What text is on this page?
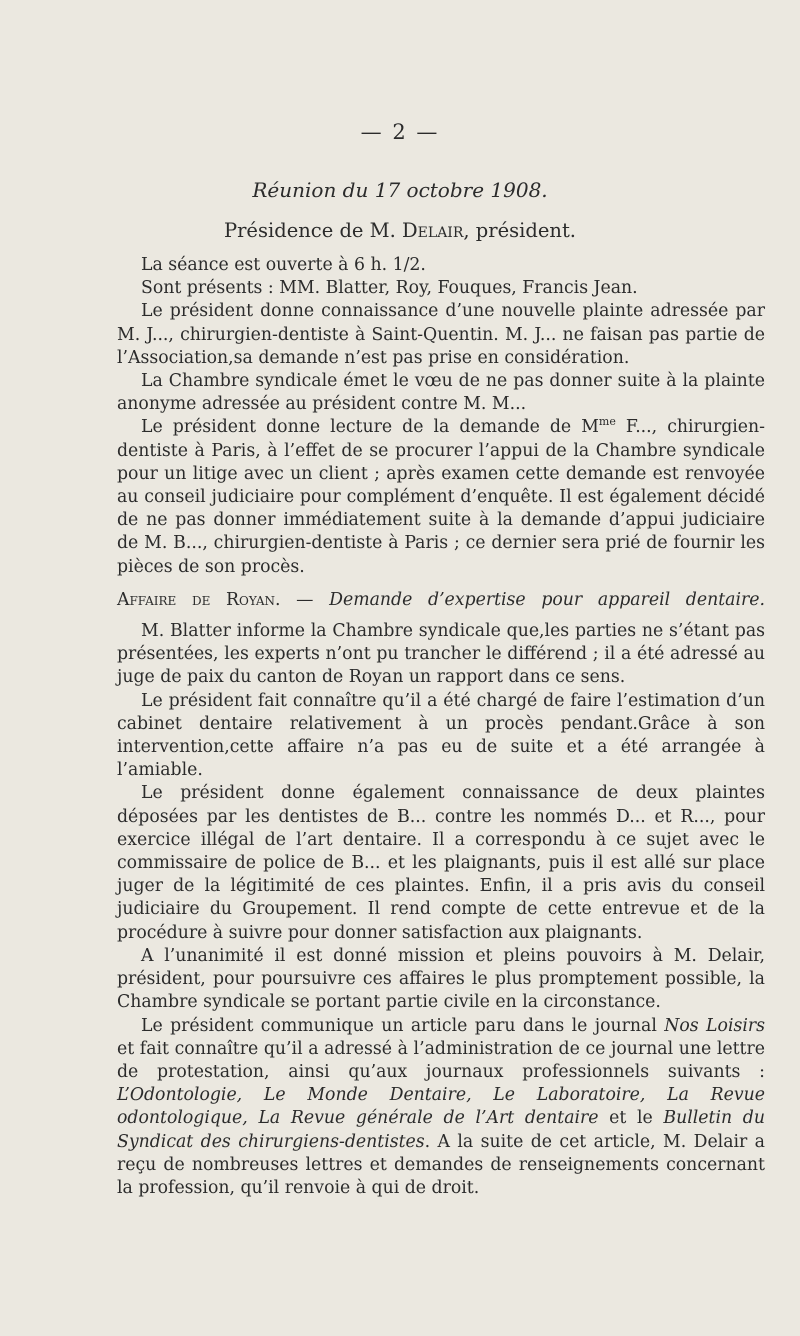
— 2 —
Réunion du 17 octobre 1908.
Présidence de M. Delair, président.

La séance est ouverte à 6 h. 1/2.

Sont présents : MM. Blatter, Roy, Fouques, Francis Jean.

Le président donne connaissance d’une nouvelle plainte adressée par M. J..., chirurgien-dentiste à Saint-Quentin. M. J... ne faisan pas partie de l’Association,sa demande n’est pas prise en considération.

La Chambre syndicale émet le vœu de ne pas donner suite à la plainte anonyme adressée au président contre M. M...

Le président donne lecture de la demande de $M^{me}$ F..., chirurgien-dentiste à Paris, à l’effet de se procurer l’appui de la Chambre syndicale pour un litige avec un client ; après examen cette demande est renvoyée au conseil judiciaire pour complément d’enquête. Il est également décidé de ne pas donner immédiatement suite à la demande d’appui judiciaire de M. B..., chirurgien-dentiste à Paris ; ce dernier sera prié de fournir les pièces de son procès.

Affaire de Royan. — Demande d’expertise pour appareil dentaire.

M. Blatter informe la Chambre syndicale que,les parties ne s’étant pas présentées, les experts n’ont pu trancher le différend ; il a été adressé au juge de paix du canton de Royan un rapport dans ce sens.

Le président fait connaître qu’il a été chargé de faire l’estimation d’un cabinet dentaire relativement à un procès pendant.Grâce à son intervention,cette affaire n’a pas eu de suite et a été arrangée à l’amiable.

Le président donne également connaissance de deux plaintes déposées par les dentistes de B... contre les nommés D... et R..., pour exercice illégal de l’art dentaire. Il a correspondu à ce sujet avec le commissaire de police de B... et les plaignants, puis il est allé sur place juger de la légitimité de ces plaintes. Enfin, il a pris avis du conseil judiciaire du Groupement. Il rend compte de cette entrevue et de la procédure à suivre pour donner satisfaction aux plaignants.

A l’unanimité il est donné mission et pleins pouvoirs à M. Delair, président, pour poursuivre ces affaires le plus promptement possible, la Chambre syndicale se portant partie civile en la circonstance.

Le président communique un article paru dans le journal Nos Loisirs et fait connaître qu’il a adressé à l’administration de ce journal une lettre de protestation, ainsi qu’aux journaux professionnels suivants : L’Odontologie, Le Monde Dentaire, Le Laboratoire, La Revue odontologique, La Revue générale de l’Art dentaire et le Bulletin du Syndicat des chirurgiens-dentistes. A la suite de cet article, M. Delair a reçu de nombreuses lettres et demandes de renseignements concernant la profession, qu’il renvoie à qui de droit.
